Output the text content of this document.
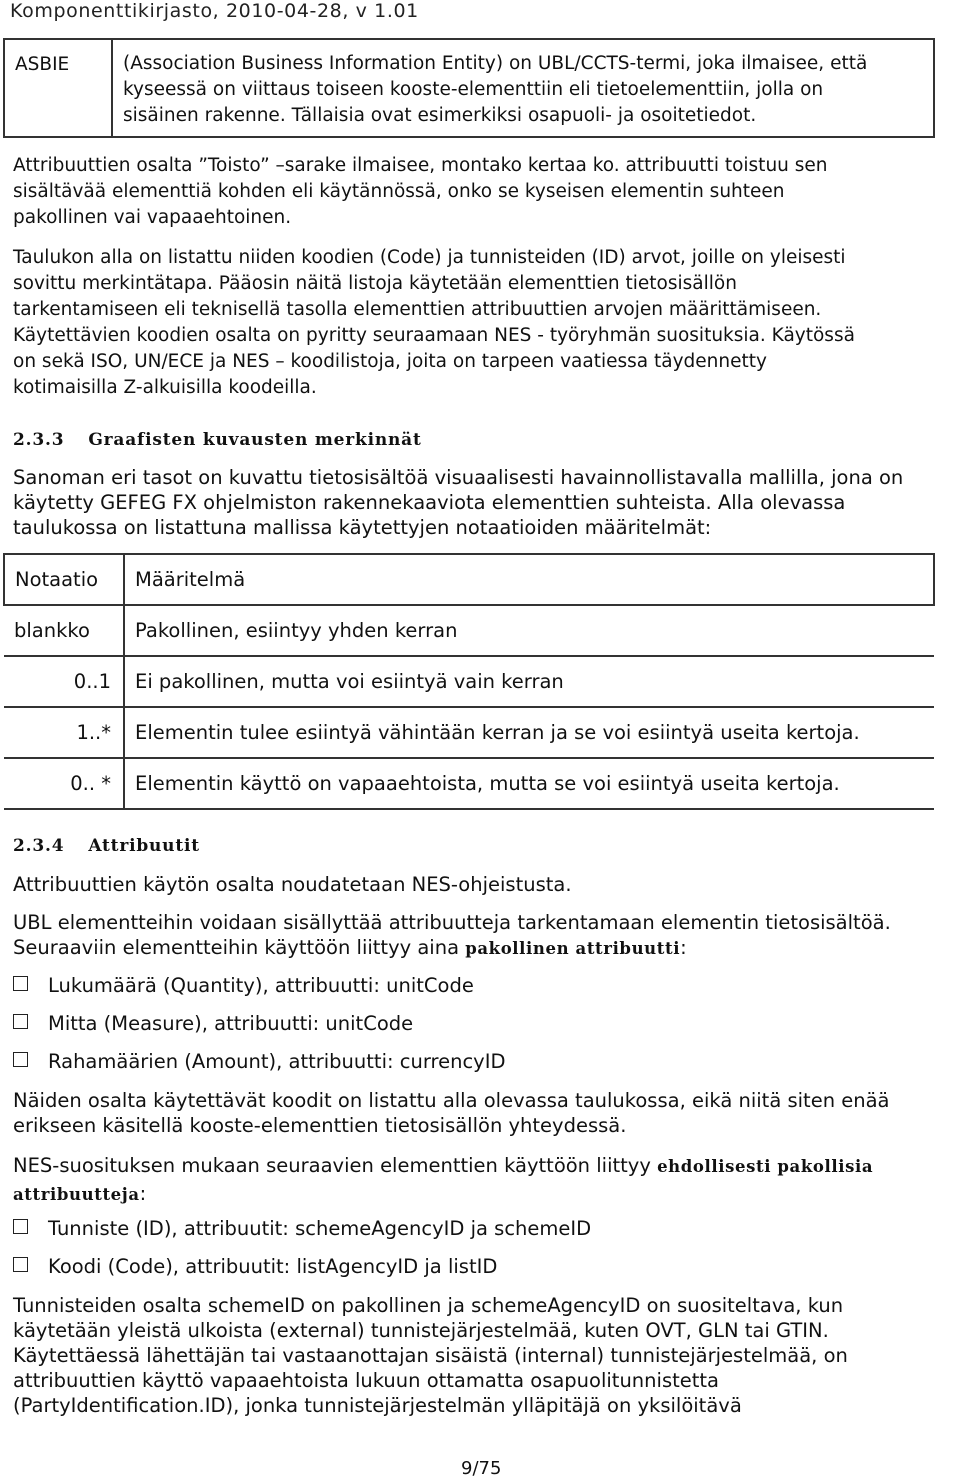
Komponenttikirjasto, 2010-04-28, v 1.01
ASBIE	(Association Business Information Entity) on UBL/CCTS-termi, joka ilmaisee, että
kyseessä on viittaus toiseen kooste-elementtiin eli tietoelementtiin, jolla on
sisäinen rakenne. Tällaisia ovat esimerkiksi osapuoli- ja osoitetiedot.
Attribuuttien osalta ”Toisto” –sarake ilmaisee, montako kertaa ko. attribuutti toistuu sen
sisältävää elementtiä kohden eli käytännössä, onko se kyseisen elementin suhteen
pakollinen vai vapaaehtoinen.
Taulukon alla on listattu niiden koodien (Code) ja tunnisteiden (ID) arvot, joille on yleisesti
sovittu merkintätapa. Pääosin näitä listoja käytetään elementtien tietosisällön
tarkentamiseen eli teknisellä tasolla elementtien attribuuttien arvojen määrittämiseen.
Käytettävien koodien osalta on pyritty seuraamaan NES - työryhmän suosituksia. Käytössä
on sekä ISO, UN/ECE ja NES – koodilistoja, joita on tarpeen vaatiessa täydennetty
kotimaisilla Z-alkuisilla koodeilla.
2.3.3 Graafisten kuvausten merkinnät
Sanoman eri tasot on kuvattu tietosisältöä visuaalisesti havainnollistavalla mallilla, jona on
käytetty GEFEG FX ohjelmiston rakennekaaviota elementtien suhteista. Alla olevassa
taulukossa on listattuna mallissa käytettyjen notaatioiden määritelmät:
Notaatio	Määritelmä
blankko	Pakollinen, esiintyy yhden kerran
0..1	Ei pakollinen, mutta voi esiintyä vain kerran
1..*	Elementin tulee esiintyä vähintään kerran ja se voi esiintyä useita kertoja.
0.. *	Elementin käyttö on vapaaehtoista, mutta se voi esiintyä useita kertoja.
2.3.4 Attribuutit
Attribuuttien käytön osalta noudatetaan NES-ohjeistusta.
UBL elementteihin voidaan sisällyttää attribuutteja tarkentamaan elementin tietosisältöä.
Seuraaviin elementteihin käyttöön liittyy aina pakollinen attribuutti:
Lukumäärä (Quantity), attribuutti: unitCode
Mitta (Measure), attribuutti: unitCode
Rahamäärien (Amount), attribuutti: currencyID
Näiden osalta käytettävät koodit on listattu alla olevassa taulukossa, eikä niitä siten enää
erikseen käsitellä kooste-elementtien tietosisällön yhteydessä.
NES-suosituksen mukaan seuraavien elementtien käyttöön liittyy ehdollisesti pakollisia
attribuutteja:
Tunniste (ID), attribuutit: schemeAgencyID ja schemeID
Koodi (Code), attribuutit: listAgencyID ja listID
Tunnisteiden osalta schemeID on pakollinen ja schemeAgencyID on suositeltava, kun
käytetään yleistä ulkoista (external) tunnistejärjestelmää, kuten OVT, GLN tai GTIN.
Käytettäessä lähettäjän tai vastaanottajan sisäistä (internal) tunnistejärjestelmää, on
attribuuttien käyttö vapaaehtoista lukuun ottamatta osapuolitunnistetta
(PartyIdentification.ID), jonka tunnistejärjestelmän ylläpitäjä on yksilöitävä
9/75
